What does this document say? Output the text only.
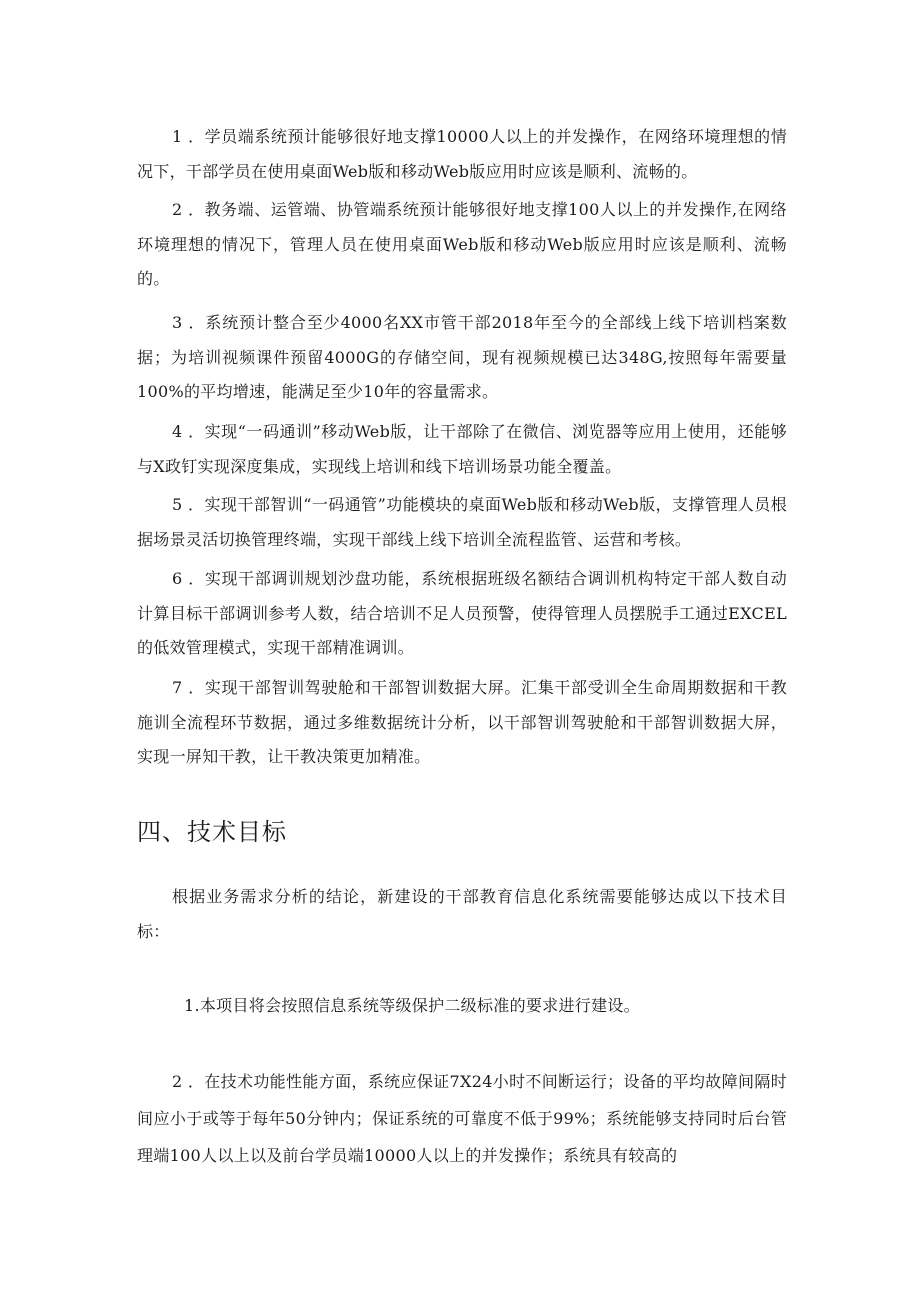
1 ．学员端系统预计能够很好地支撑10000人以上的并发操作，在网络环境理想的情况下，干部学员在使用桌面Web版和移动Web版应用时应该是顺利、流畅的。

2 ．教务端、运管端、协管端系统预计能够很好地支撑100人以上的并发操作,在网络环境理想的情况下，管理人员在使用桌面Web版和移动Web版应用时应该是顺利、流畅的。

3 ．系统预计整合至少4000名XX市管干部2018年至今的全部线上线下培训档案数据；为培训视频课件预留4000G的存储空间，现有视频规模已达348G,按照每年需要量100%的平均增速，能满足至少10年的容量需求。

4 ．实现“一码通训”移动Web版，让干部除了在微信、浏览器等应用上使用，还能够与X政钉实现深度集成，实现线上培训和线下培训场景功能全覆盖。

5 ．实现干部智训“一码通管”功能模块的桌面Web版和移动Web版，支撑管理人员根据场景灵活切换管理终端，实现干部线上线下培训全流程监管、运营和考核。

6 ．实现干部调训规划沙盘功能，系统根据班级名额结合调训机构特定干部人数自动计算目标干部调训参考人数，结合培训不足人员预警，使得管理人员摆脱手工通过EXCEL的低效管理模式，实现干部精准调训。

7 ．实现干部智训驾驶舱和干部智训数据大屏。汇集干部受训全生命周期数据和干教施训全流程环节数据，通过多维数据统计分析，以干部智训驾驶舱和干部智训数据大屏，实现一屏知干教，让干教决策更加精准。

四、技术目标

根据业务需求分析的结论，新建设的干部教育信息化系统需要能够达成以下技术目标：

1.本项目将会按照信息系统等级保护二级标准的要求进行建设。

2 ．在技术功能性能方面，系统应保证7X24小时不间断运行；设备的平均故障间隔时间应小于或等于每年50分钟内；保证系统的可靠度不低于99%；系统能够支持同时后台管理端100人以上以及前台学员端10000人以上的并发操作；系统具有较高的
